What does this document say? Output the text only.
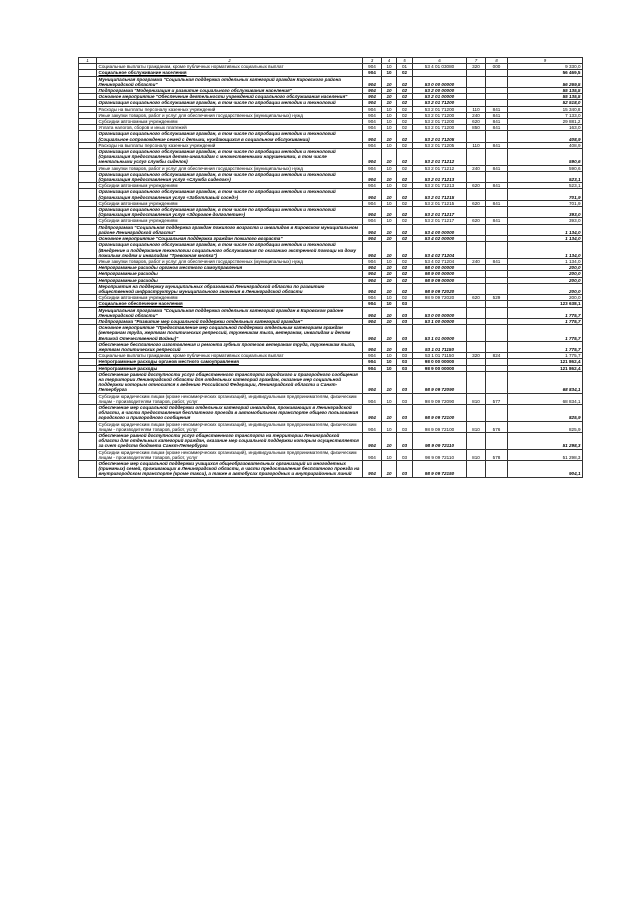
1	2	3	4	5	6	7	8	9
	Социальные выплаты гражданам, кроме публичных нормативных социальных выплат	904	10	01	53 4 01 03080	320	000	9 330,0
	Социальное обслуживание населения	904	10	02				56 469,5
	Муниципальная программа "Социальная поддержка отдельных категорий граждан Кировского района Ленинградской области"	904	10	02	53 0 00 00000			56 269,5
	Подпрограмма "Модернизация и развитие социального обслуживания населения"	904	10	02	53 2 00 00000			55 135,5
	Основное мероприятие "Обеспечение деятельности учреждений социального обслуживания населения"	904	10	02	53 2 01 00000			55 135,5
	Организация социального обслуживания граждан, в том числе по апробации методик и технологий	904	10	02	53 2 01 71200			52 518,0
	Расходы на выплаты персоналу казенных учреждений	904	10	02	53 2 01 71200	110	841	15 340,8
	Иные закупки товаров, работ и услуг для обеспечения государственных (муниципальных) нужд	904	10	02	53 2 01 71200	240	841	7 133,0
	Субсидии автономным учреждениям	904	10	02	53 2 01 71200	620	841	29 881,2
	Уплата налогов, сборов и иных платежей	904	10	02	53 2 01 71200	850	841	163,0
	Организация социального обслуживания граждан, в том числе по апробации методик и технологий (Социальное сопровождение семей с детьми, нуждающихся в социальном обслуживании)	904	10	02	53 2 01 71205			408,9
	Расходы на выплаты персоналу казенных учреждений	904	10	02	53 2 01 71205	110	841	408,9
	Организация социального обслуживания граждан, в том числе по апробации методик и технологий (Организация предоставления детям-инвалидам с множественными нарушениями, в том числе ментальными услуг службы сиделок)	904	10	02	53 2 01 71212			590,6
	Иные закупки товаров, работ и услуг для обеспечения государственных (муниципальных) нужд	904	10	02	53 2 01 71212	240	841	590,6
	Организация социального обслуживания граждан, в том числе по апробации методик и технологий (Организация предоставления услуг «Служба сиделок»)	904	10	02	53 2 01 71213			523,1
	Субсидии автономным учреждениям	904	10	02	53 2 01 71213	620	841	523,1
	Организация социального обслуживания граждан, в том числе по апробации методик и технологий (Организация предоставления услуг «Заботливый сосед»)	904	10	02	53 2 01 71215			701,9
	Субсидии автономным учреждениям	904	10	02	53 2 01 71215	620	841	701,9
	Организация социального обслуживания граждан, в том числе по апробации методик и технологий (Организация предоставления услуг «Здоровое долголетие»)	904	10	02	53 2 01 71217			393,0
	Субсидии автономным учреждениям	904	10	02	53 2 01 71217	620	841	393,0
	Подпрограмма "Социальная поддержка граждан пожилого возраста и инвалидов в Кировском муниципальном районе Ленинградской области"	904	10	02	53 4 00 00000			1 134,0
	Основное мероприятие "Социальная поддержка граждан пожилого возраста"	904	10	02	53 4 02 00000			1 134,0
	Организация социального обслуживания граждан, в том числе по апробации методик и технологий (Внедрение и поддержание технологии социального обслуживания по оказанию экстренной помощи на дому пожилым людям и инвалидам "Тревожная кнопка")	904	10	02	53 4 02 71204			1 134,0
	Иные закупки товаров, работ и услуг для обеспечения государственных (муниципальных) нужд	904	10	02	53 4 02 71204	240	841	1 134,0
	Непрограммные расходы органов местного самоуправления	904	10	02	98 0 00 00000			200,0
	Непрограммные расходы	904	10	02	98 9 00 00000			200,0
	Непрограммные расходы	904	10	02	98 9 09 00000			200,0
	Мероприятия на поддержку муниципальных образований Ленинградской области по развитию общественной инфраструктуры муниципального значения в Ленинградской области	904	10	02	98 9 09 72020			200,0
	Субсидии автономным учреждениям	904	10	02	98 9 09 72020	620	529	200,0
	Социальное обеспечение населения	904	10	03				123 638,1
	Муниципальная программа "Социальная поддержка отдельных категорий граждан в Кировском районе Ленинградской области"	904	10	03	53 0 00 00000			1 775,7
	Подпрограмма "Развитие мер социальной поддержки отдельных категорий граждан"	904	10	03	53 1 00 00000			1 775,7
	Основное мероприятие "Предоставление мер социальной поддержки отдельным категориям граждан (ветеранам труда, жертвам политических репрессий, труженикам тыла, ветеранам, инвалидам и детям Великой Отечественной Войны)"	904	10	03	53 1 01 00000			1 775,7
	Обеспечение бесплатного изготовления и ремонта зубных протезов ветеранам труда, труженикам тыла, жертвам политических репрессий	904	10	03	53 1 01 71150			1 775,7
	Социальные выплаты гражданам, кроме публичных нормативных социальных выплат	904	10	03	53 1 01 71150	320	824	1 775,7
	Непрограммные расходы органов местного самоуправления	904	10	03	98 0 00 00000			121 862,4
	Непрограммные расходы	904	10	03	98 9 00 00000			121 862,4
	Обеспечение равной доступности услуг общественного транспорта городского и пригородного сообщения на территории Ленинградской области для отдельных категорий граждан, оказание мер социальной поддержки которым относится к ведению Российской Федерации, Ленинградской области и Санкт-Петербурга	904	10	03	98 9 09 72090			68 834,1
	Субсидии юридическим лицам (кроме некоммерческих организаций), индивидуальным предпринимателям, физическим лицам - производителям товаров, работ, услуг	904	10	03	98 9 09 72090	810	577	68 834,1
	Обеспечение мер социальной поддержки отдельных категорий инвалидов, проживающих в Ленинградской области, в части предоставления бесплатного проезда в автомобильном транспорте общего пользования городского и пригородного сообщения	904	10	03	98 9 09 72100			825,9
	Субсидии юридическим лицам (кроме некоммерческих организаций), индивидуальным предпринимателям, физическим лицам - производителям товаров, работ, услуг	904	10	03	98 9 09 72100	810	576	825,9
	Обеспечение равной доступности услуг общественного транспорта на территории Ленинградской области для отдельных категорий граждан, оказание мер социальной поддержки которым осуществляется за счет средств бюджета Санкт-Петербурга	904	10	03	98 9 09 72110			51 298,3
	Субсидии юридическим лицам (кроме некоммерческих организаций), индивидуальным предпринимателям, физическим лицам - производителям товаров, работ, услуг	904	10	03	98 9 09 72110	810	578	51 298,3
	Обеспечение мер социальной поддержки учащихся общеобразовательных организаций из многодетных (приемных) семей, проживающих в Ленинградской области, в части предоставления бесплатного проезда на внутригородском транспорте (кроме такси), а также в автобусах пригородных и внутрирайонных линий	904	10	03	98 9 09 72150			904,1
